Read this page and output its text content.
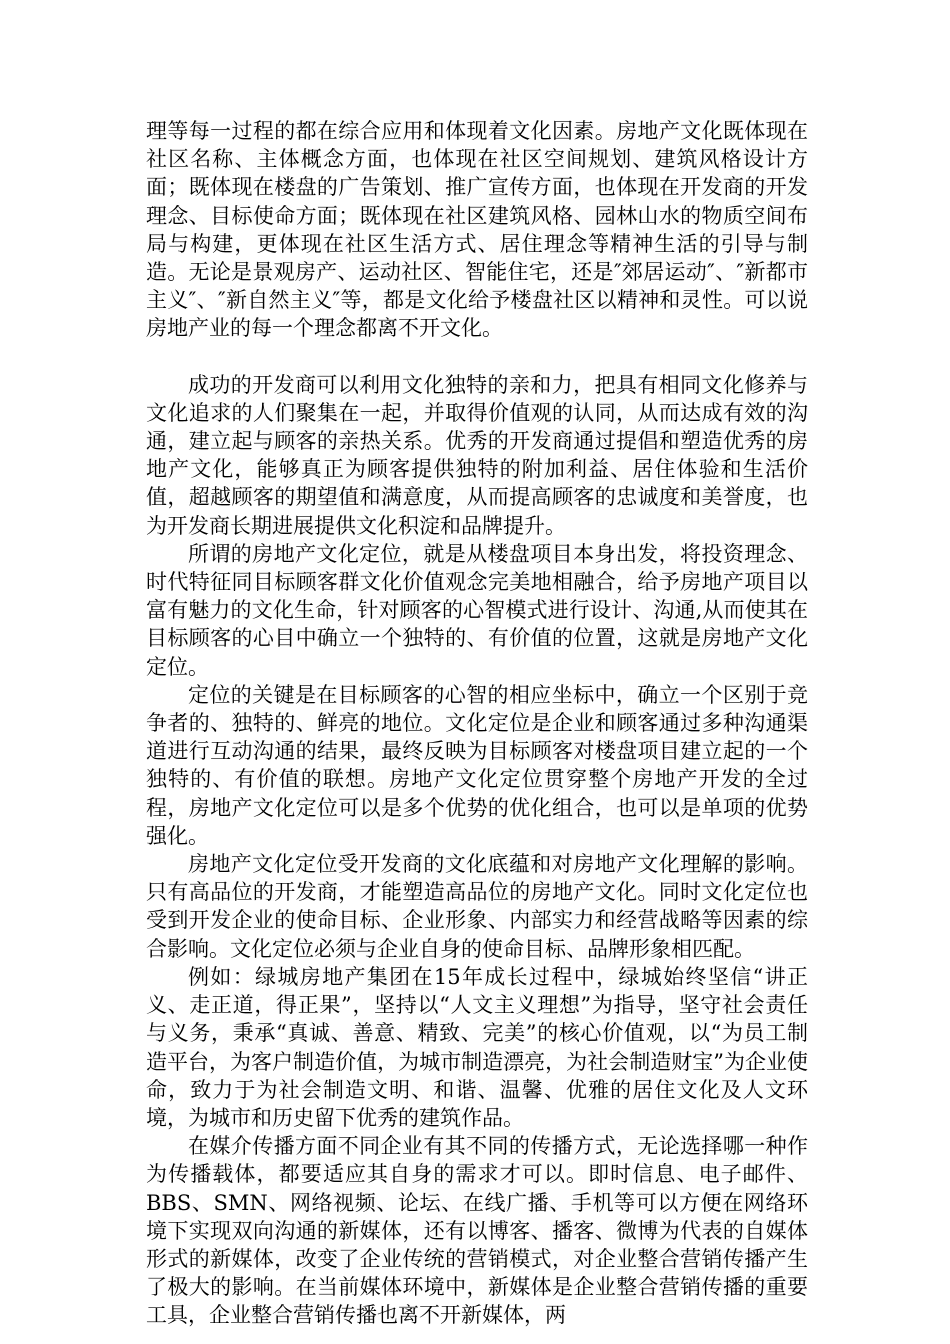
理等每一过程的都在综合应用和体现着文化因素。房地产文化既体现在社区名称、主体概念方面，也体现在社区空间规划、建筑风格设计方面；既体现在楼盘的广告策划、推广宣传方面，也体现在开发商的开发理念、目标使命方面；既体现在社区建筑风格、园林山水的物质空间布局与构建，更体现在社区生活方式、居住理念等精神生活的引导与制造。无论是景观房产、运动社区、智能住宅，还是″郊居运动″、″新都市主义″、″新自然主义″等，都是文化给予楼盘社区以精神和灵性。可以说房地产业的每一个理念都离不开文化。

成功的开发商可以利用文化独特的亲和力，把具有相同文化修养与文化追求的人们聚集在一起，并取得价值观的认同，从而达成有效的沟通，建立起与顾客的亲热关系。优秀的开发商通过提倡和塑造优秀的房地产文化，能够真正为顾客提供独特的附加利益、居住体验和生活价值，超越顾客的期望值和满意度，从而提高顾客的忠诚度和美誉度，也为开发商长期进展提供文化积淀和品牌提升。

所谓的房地产文化定位，就是从楼盘项目本身出发，将投资理念、时代特征同目标顾客群文化价值观念完美地相融合，给予房地产项目以富有魅力的文化生命，针对顾客的心智模式进行设计、沟通,从而使其在目标顾客的心目中确立一个独特的、有价值的位置，这就是房地产文化定位。

定位的关键是在目标顾客的心智的相应坐标中，确立一个区别于竞争者的、独特的、鲜亮的地位。文化定位是企业和顾客通过多种沟通渠道进行互动沟通的结果，最终反映为目标顾客对楼盘项目建立起的一个独特的、有价值的联想。房地产文化定位贯穿整个房地产开发的全过程，房地产文化定位可以是多个优势的优化组合，也可以是单项的优势强化。

房地产文化定位受开发商的文化底蕴和对房地产文化理解的影响。只有高品位的开发商，才能塑造高品位的房地产文化。同时文化定位也受到开发企业的使命目标、企业形象、内部实力和经营战略等因素的综合影响。文化定位必须与企业自身的使命目标、品牌形象相匹配。

例如：绿城房地产集团在15年成长过程中，绿城始终坚信“讲正义、走正道，得正果”，坚持以“人文主义理想”为指导，坚守社会责任与义务，秉承“真诚、善意、精致、完美”的核心价值观，以“为员工制造平台，为客户制造价值，为城市制造漂亮，为社会制造财宝”为企业使命，致力于为社会制造文明、和谐、温馨、优雅的居住文化及人文环境，为城市和历史留下优秀的建筑作品。

在媒介传播方面不同企业有其不同的传播方式，无论选择哪一种作为传播载体，都要适应其自身的需求才可以。即时信息、电子邮件、BBS、SMN、网络视频、论坛、在线广播、手机等可以方便在网络环境下实现双向沟通的新媒体，还有以博客、播客、微博为代表的自媒体形式的新媒体，改变了企业传统的营销模式，对企业整合营销传播产生了极大的影响。在当前媒体环境中，新媒体是企业整合营销传播的重要工具，企业整合营销传播也离不开新媒体，两
